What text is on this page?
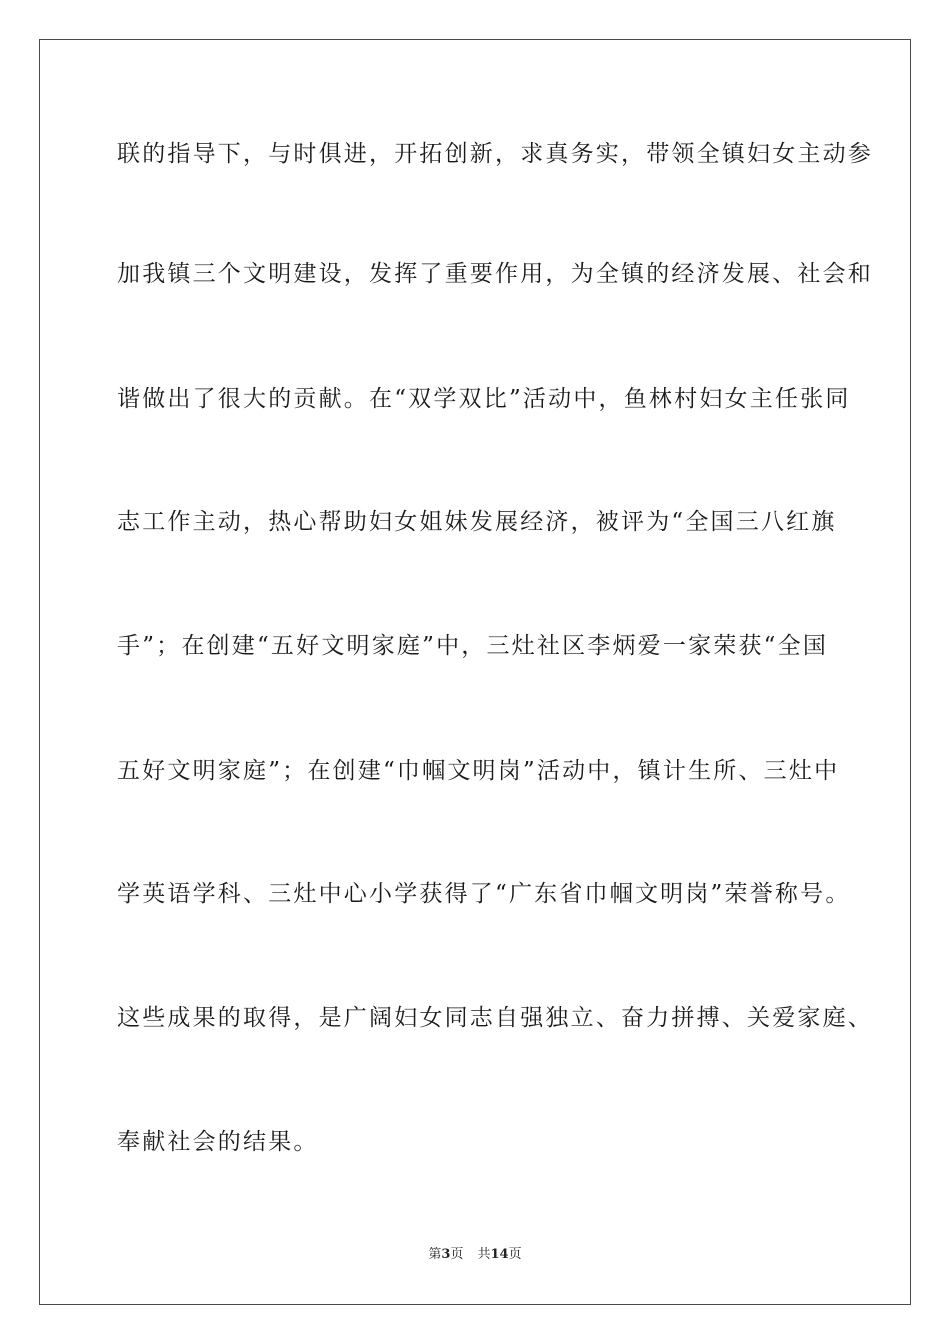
联的指导下，与时俱进，开拓创新，求真务实，带领全镇妇女主动参
加我镇三个文明建设，发挥了重要作用，为全镇的经济发展、社会和
谐做出了很大的贡献。在“双学双比”活动中，鱼林村妇女主任张同
志工作主动，热心帮助妇女姐妹发展经济，被评为“全国三八红旗
手”；在创建“五好文明家庭”中，三灶社区李炳爱一家荣获“全国
五好文明家庭”；在创建“巾帼文明岗”活动中，镇计生所、三灶中
学英语学科、三灶中心小学获得了“广东省巾帼文明岗”荣誉称号。
这些成果的取得，是广阔妇女同志自强独立、奋力拼搏、关爱家庭、
奉献社会的结果。
第3页 共14页
